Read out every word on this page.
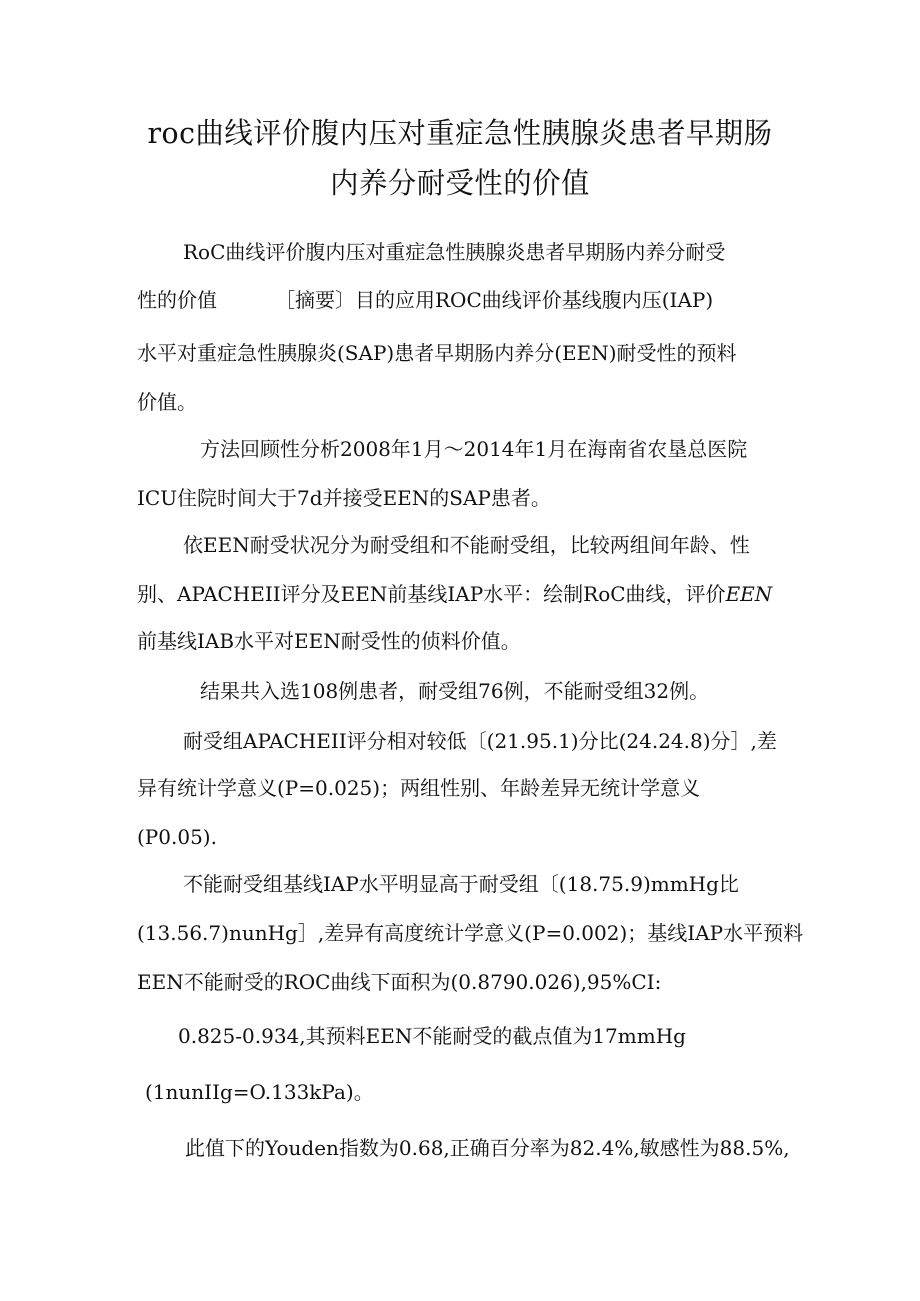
roc曲线评价腹内压对重症急性胰腺炎患者早期肠
内养分耐受性的价值
RoC曲线评价腹内压对重症急性胰腺炎患者早期肠内养分耐受
性的价值	［摘要〕目的应用ROC曲线评价基线腹内压(IAP)
水平对重症急性胰腺炎(SAP)患者早期肠内养分(EEN)耐受性的预料
价值。
方法回顾性分析2008年1月～2014年1月在海南省农垦总医院
ICU住院时间大于7d并接受EEN的SAP患者。
依EEN耐受状况分为耐受组和不能耐受组，比较两组间年龄、性
别、APACHEII评分及EEN前基线IAP水平：绘制RoC曲线，评价EEN
前基线IAB水平对EEN耐受性的侦料价值。
结果共入选108例患者，耐受组76例，不能耐受组32例。
耐受组APACHEII评分相对较低〔(21.95.1)分比(24.24.8)分］,差
异有统计学意义(P=0.025)；两组性别、年龄差异无统计学意义
(P0.05).
不能耐受组基线IAP水平明显高于耐受组〔(18.75.9)mmHg比
(13.56.7)nunHg］,差异有高度统计学意义(P=0.002)；基线IAP水平预料
EEN不能耐受的ROC曲线下面积为(0.8790.026),95%CI:
0.825-0.934,其预料EEN不能耐受的截点值为17mmHg
(1nunIIg=O.133kPa)。
此值下的Youden指数为0.68,正确百分率为82.4%,敏感性为88.5%,
